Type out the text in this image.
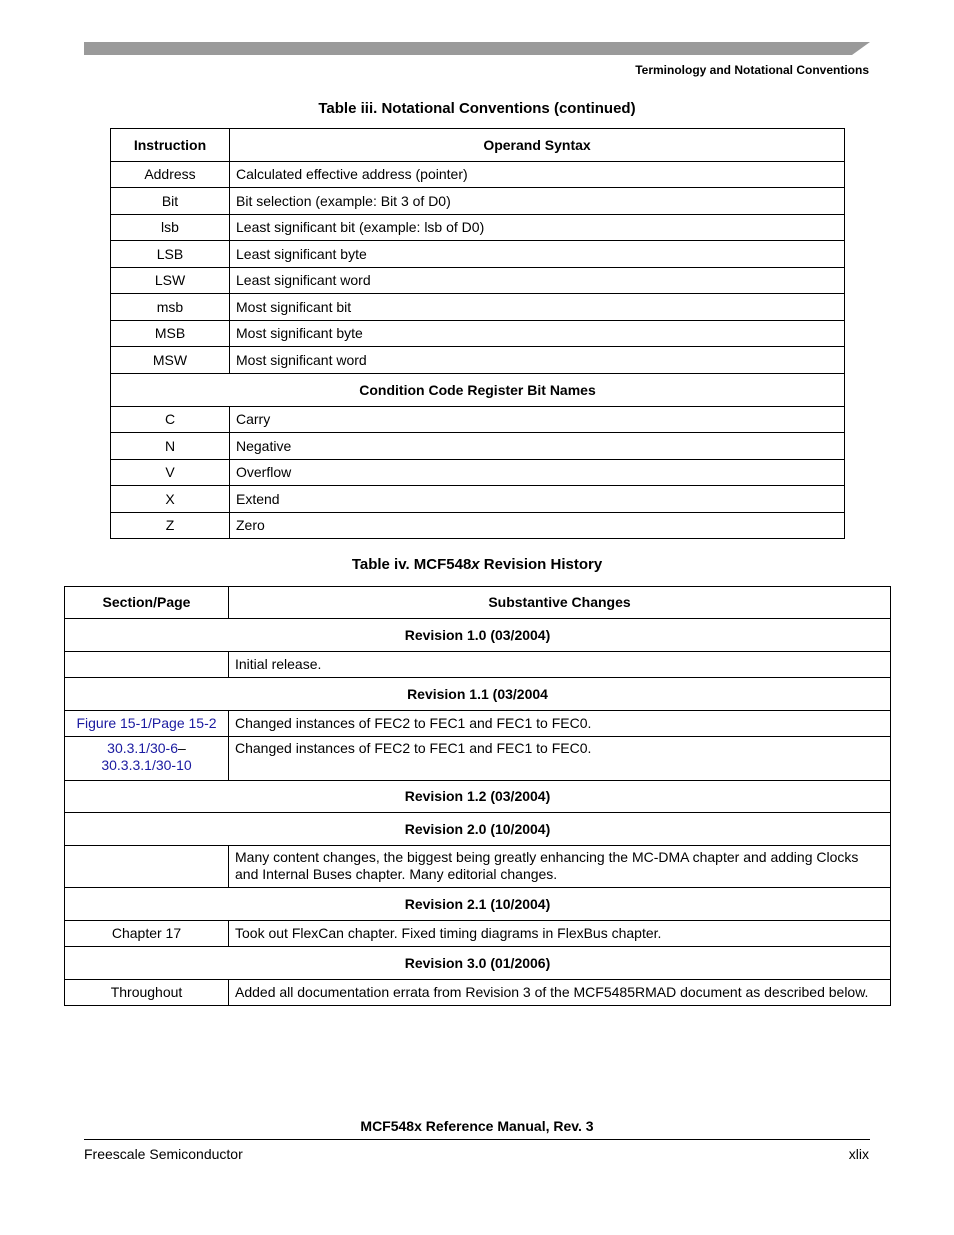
Terminology and Notational Conventions
Table iii. Notational Conventions (continued)
Instruction	Operand Syntax
Address	Calculated effective address (pointer)
Bit	Bit selection (example: Bit 3 of D0)
lsb	Least significant bit (example: lsb of D0)
LSB	Least significant byte
LSW	Least significant word
msb	Most significant bit
MSB	Most significant byte
MSW	Most significant word
Condition Code Register Bit Names	
C	Carry
N	Negative
V	Overflow
X	Extend
Z	Zero
Table iv. MCF548x Revision History
Section/Page	Substantive Changes
Revision 1.0 (03/2004)	
	Initial release.
Revision 1.1 (03/2004	
Figure 15-1/Page 15-2	Changed instances of FEC2 to FEC1 and FEC1 to FEC0.
30.3.1/30-6–
30.3.3.1/30-10	Changed instances of FEC2 to FEC1 and FEC1 to FEC0.
Revision 1.2 (03/2004)	
Revision 2.0 (10/2004)	
	Many content changes, the biggest being greatly enhancing the MC-DMA chapter and adding Clocks and Internal Buses chapter. Many editorial changes.
Revision 2.1 (10/2004)	
Chapter 17	Took out FlexCan chapter. Fixed timing diagrams in FlexBus chapter.
Revision 3.0 (01/2006)	
Throughout	Added all documentation errata from Revision 3 of the MCF5485RMAD document as described below.
MCF548x Reference Manual, Rev. 3
Freescale Semiconductor	xlix
